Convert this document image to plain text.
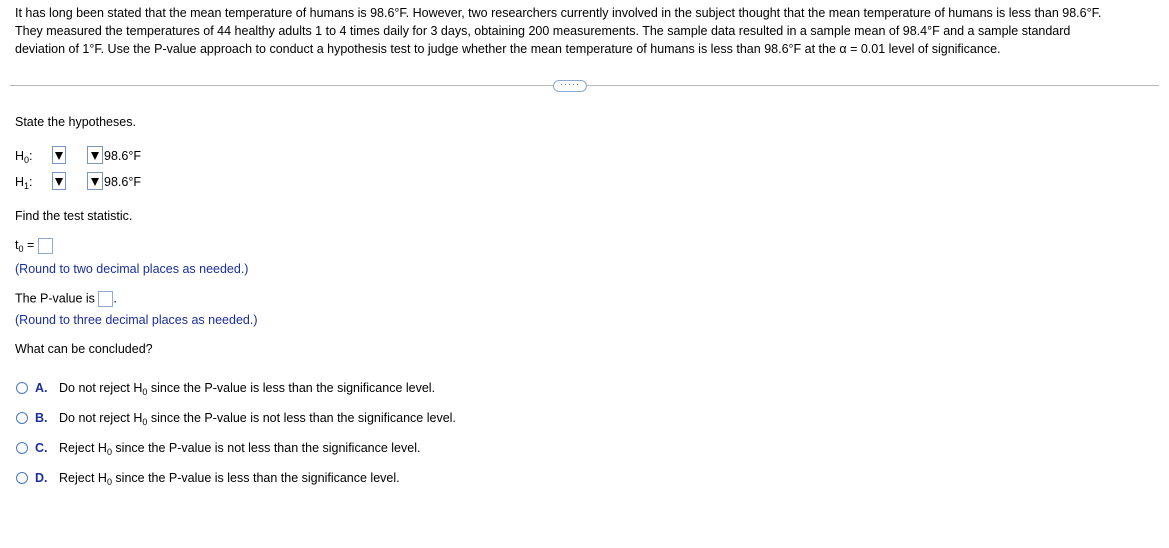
It has long been stated that the mean temperature of humans is 98.6°F. However, two researchers currently involved in the subject thought that the mean temperature of humans is less than 98.6°F.
They measured the temperatures of 44 healthy adults 1 to 4 times daily for 3 days, obtaining 200 measurements. The sample data resulted in a sample mean of 98.4°F and a sample standard
deviation of 1°F. Use the P-value approach to conduct a hypothesis test to judge whether the mean temperature of humans is less than 98.6°F at the α = 0.01 level of significance.
·····
State the hypotheses.
$H_0$:	98.6°F
$H_1$:	98.6°F
Find the test statistic.
$t_0$ =
(Round to two decimal places as needed.)
The P-value is .
(Round to three decimal places as needed.)
What can be concluded?
A. Do not reject $H_0$ since the P-value is less than the significance level.
B. Do not reject $H_0$ since the P-value is not less than the significance level.
C. Reject $H_0$ since the P-value is not less than the significance level.
D. Reject $H_0$ since the P-value is less than the significance level.
